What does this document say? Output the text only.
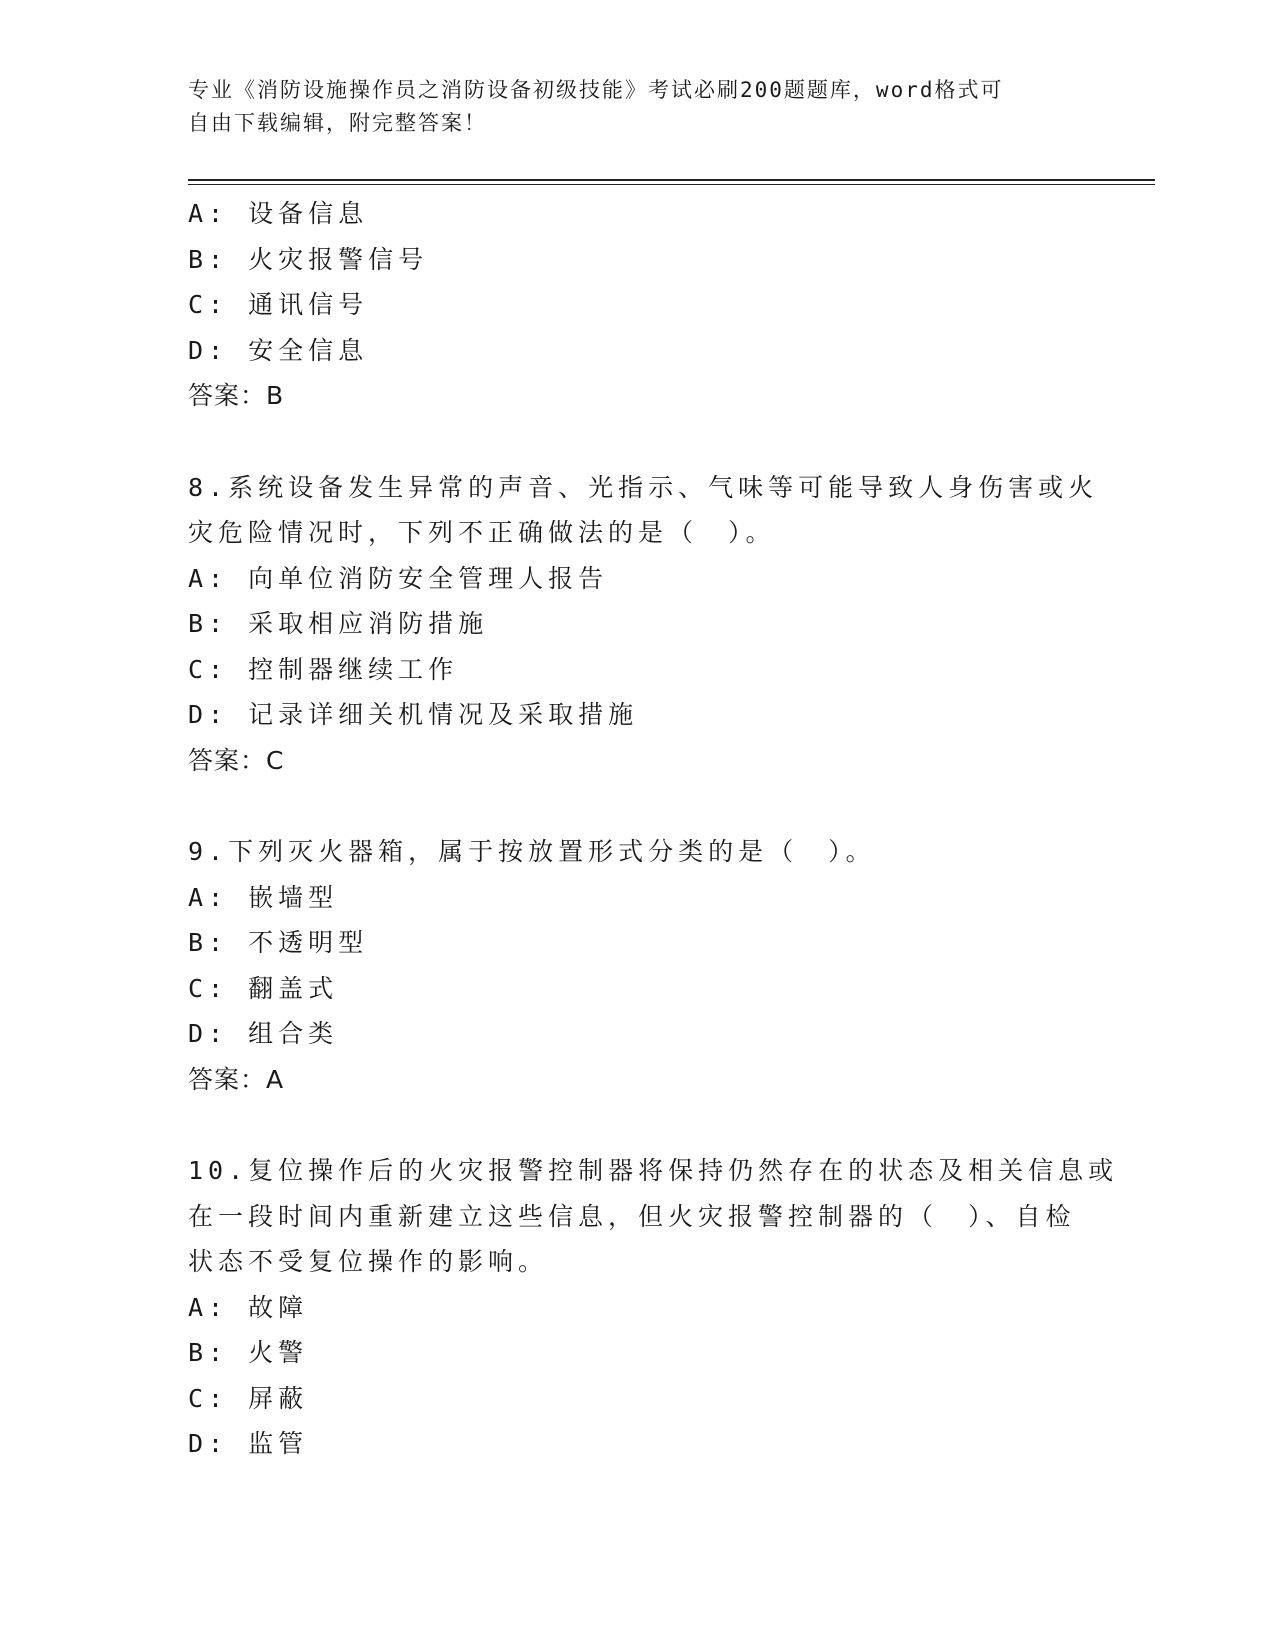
专业《消防设施操作员之消防设备初级技能》考试必刷200题题库，word格式可
自由下载编辑，附完整答案！
A: 设备信息
B: 火灾报警信号
C: 通讯信号
D: 安全信息
答案：B
8.系统设备发生异常的声音、光指示、气味等可能导致人身伤害或火
灾危险情况时，下列不正确做法的是（　）。
A: 向单位消防安全管理人报告
B: 采取相应消防措施
C: 控制器继续工作
D: 记录详细关机情况及采取措施
答案：C
9.下列灭火器箱，属于按放置形式分类的是（　）。
A: 嵌墙型
B: 不透明型
C: 翻盖式
D: 组合类
答案：A
10.复位操作后的火灾报警控制器将保持仍然存在的状态及相关信息或
在一段时间内重新建立这些信息，但火灾报警控制器的（　）、自检
状态不受复位操作的影响。
A: 故障
B: 火警
C: 屏蔽
D: 监管
